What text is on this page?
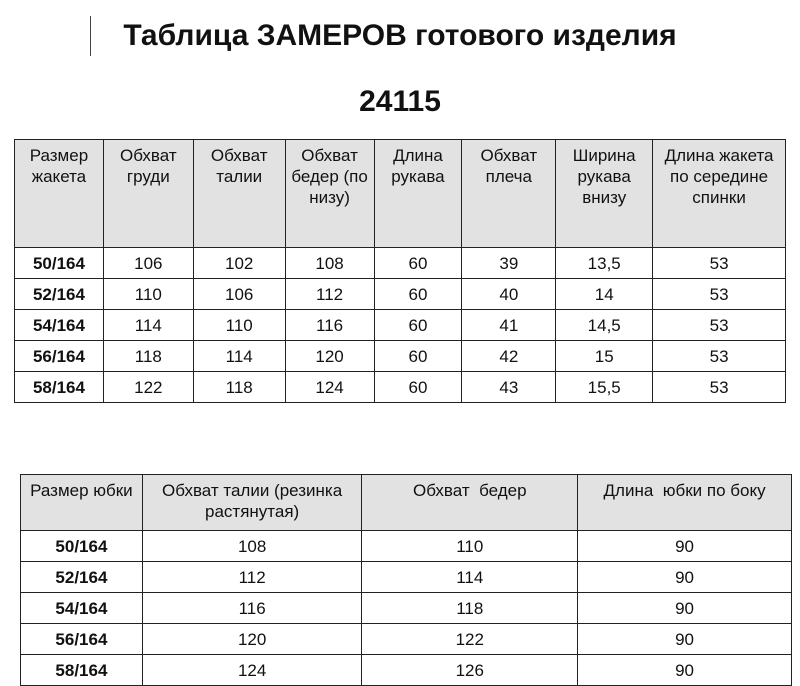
Таблица ЗАМЕРОВ готового изделия
24115
Размер жакета	Обхват груди	Обхват талии	Обхват бедер (по низу)	Длина рукава	Обхват плеча	Ширина рукава внизу	Длина жакета по середине спинки
50/164	106	102	108	60	39	13,5	53
52/164	110	106	112	60	40	14	53
54/164	114	110	116	60	41	14,5	53
56/164	118	114	120	60	42	15	53
58/164	122	118	124	60	43	15,5	53
Размер юбки	Обхват талии (резинка растянутая)	Обхват  бедер	Длина  юбки по боку
50/164	108	110	90
52/164	112	114	90
54/164	116	118	90
56/164	120	122	90
58/164	124	126	90
